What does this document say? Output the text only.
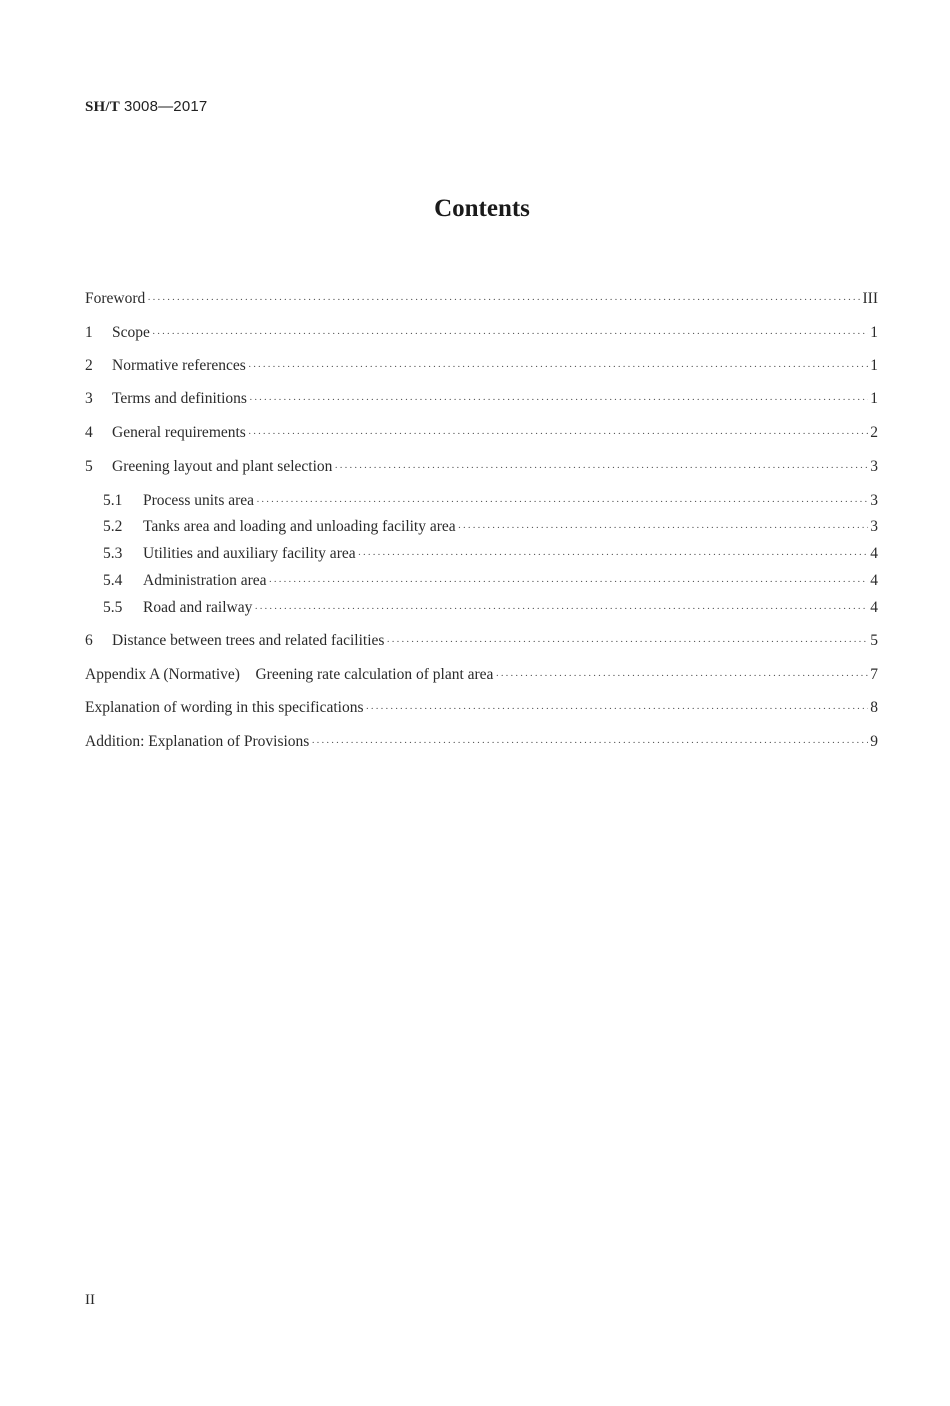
SH/T 3008—2017
Contents
Foreword ·····	III
1	Scope ·····	1
2	Normative references ·····	1
3	Terms and definitions ·····	1
4	General requirements ·····	2
5	Greening layout and plant selection ·····	3
5.1	Process units area ·····	3
5.2	Tanks area and loading and unloading facility area ·····	3
5.3	Utilities and auxiliary facility area ·····	4
5.4	Administration area ·····	4
5.5	Road and railway ·····	4
6	Distance between trees and related facilities ·····	5
Appendix A (Normative)    Greening rate calculation of plant area ·····	7
Explanation of wording in this specifications ·····	8
Addition: Explanation of Provisions ·····	9
II
